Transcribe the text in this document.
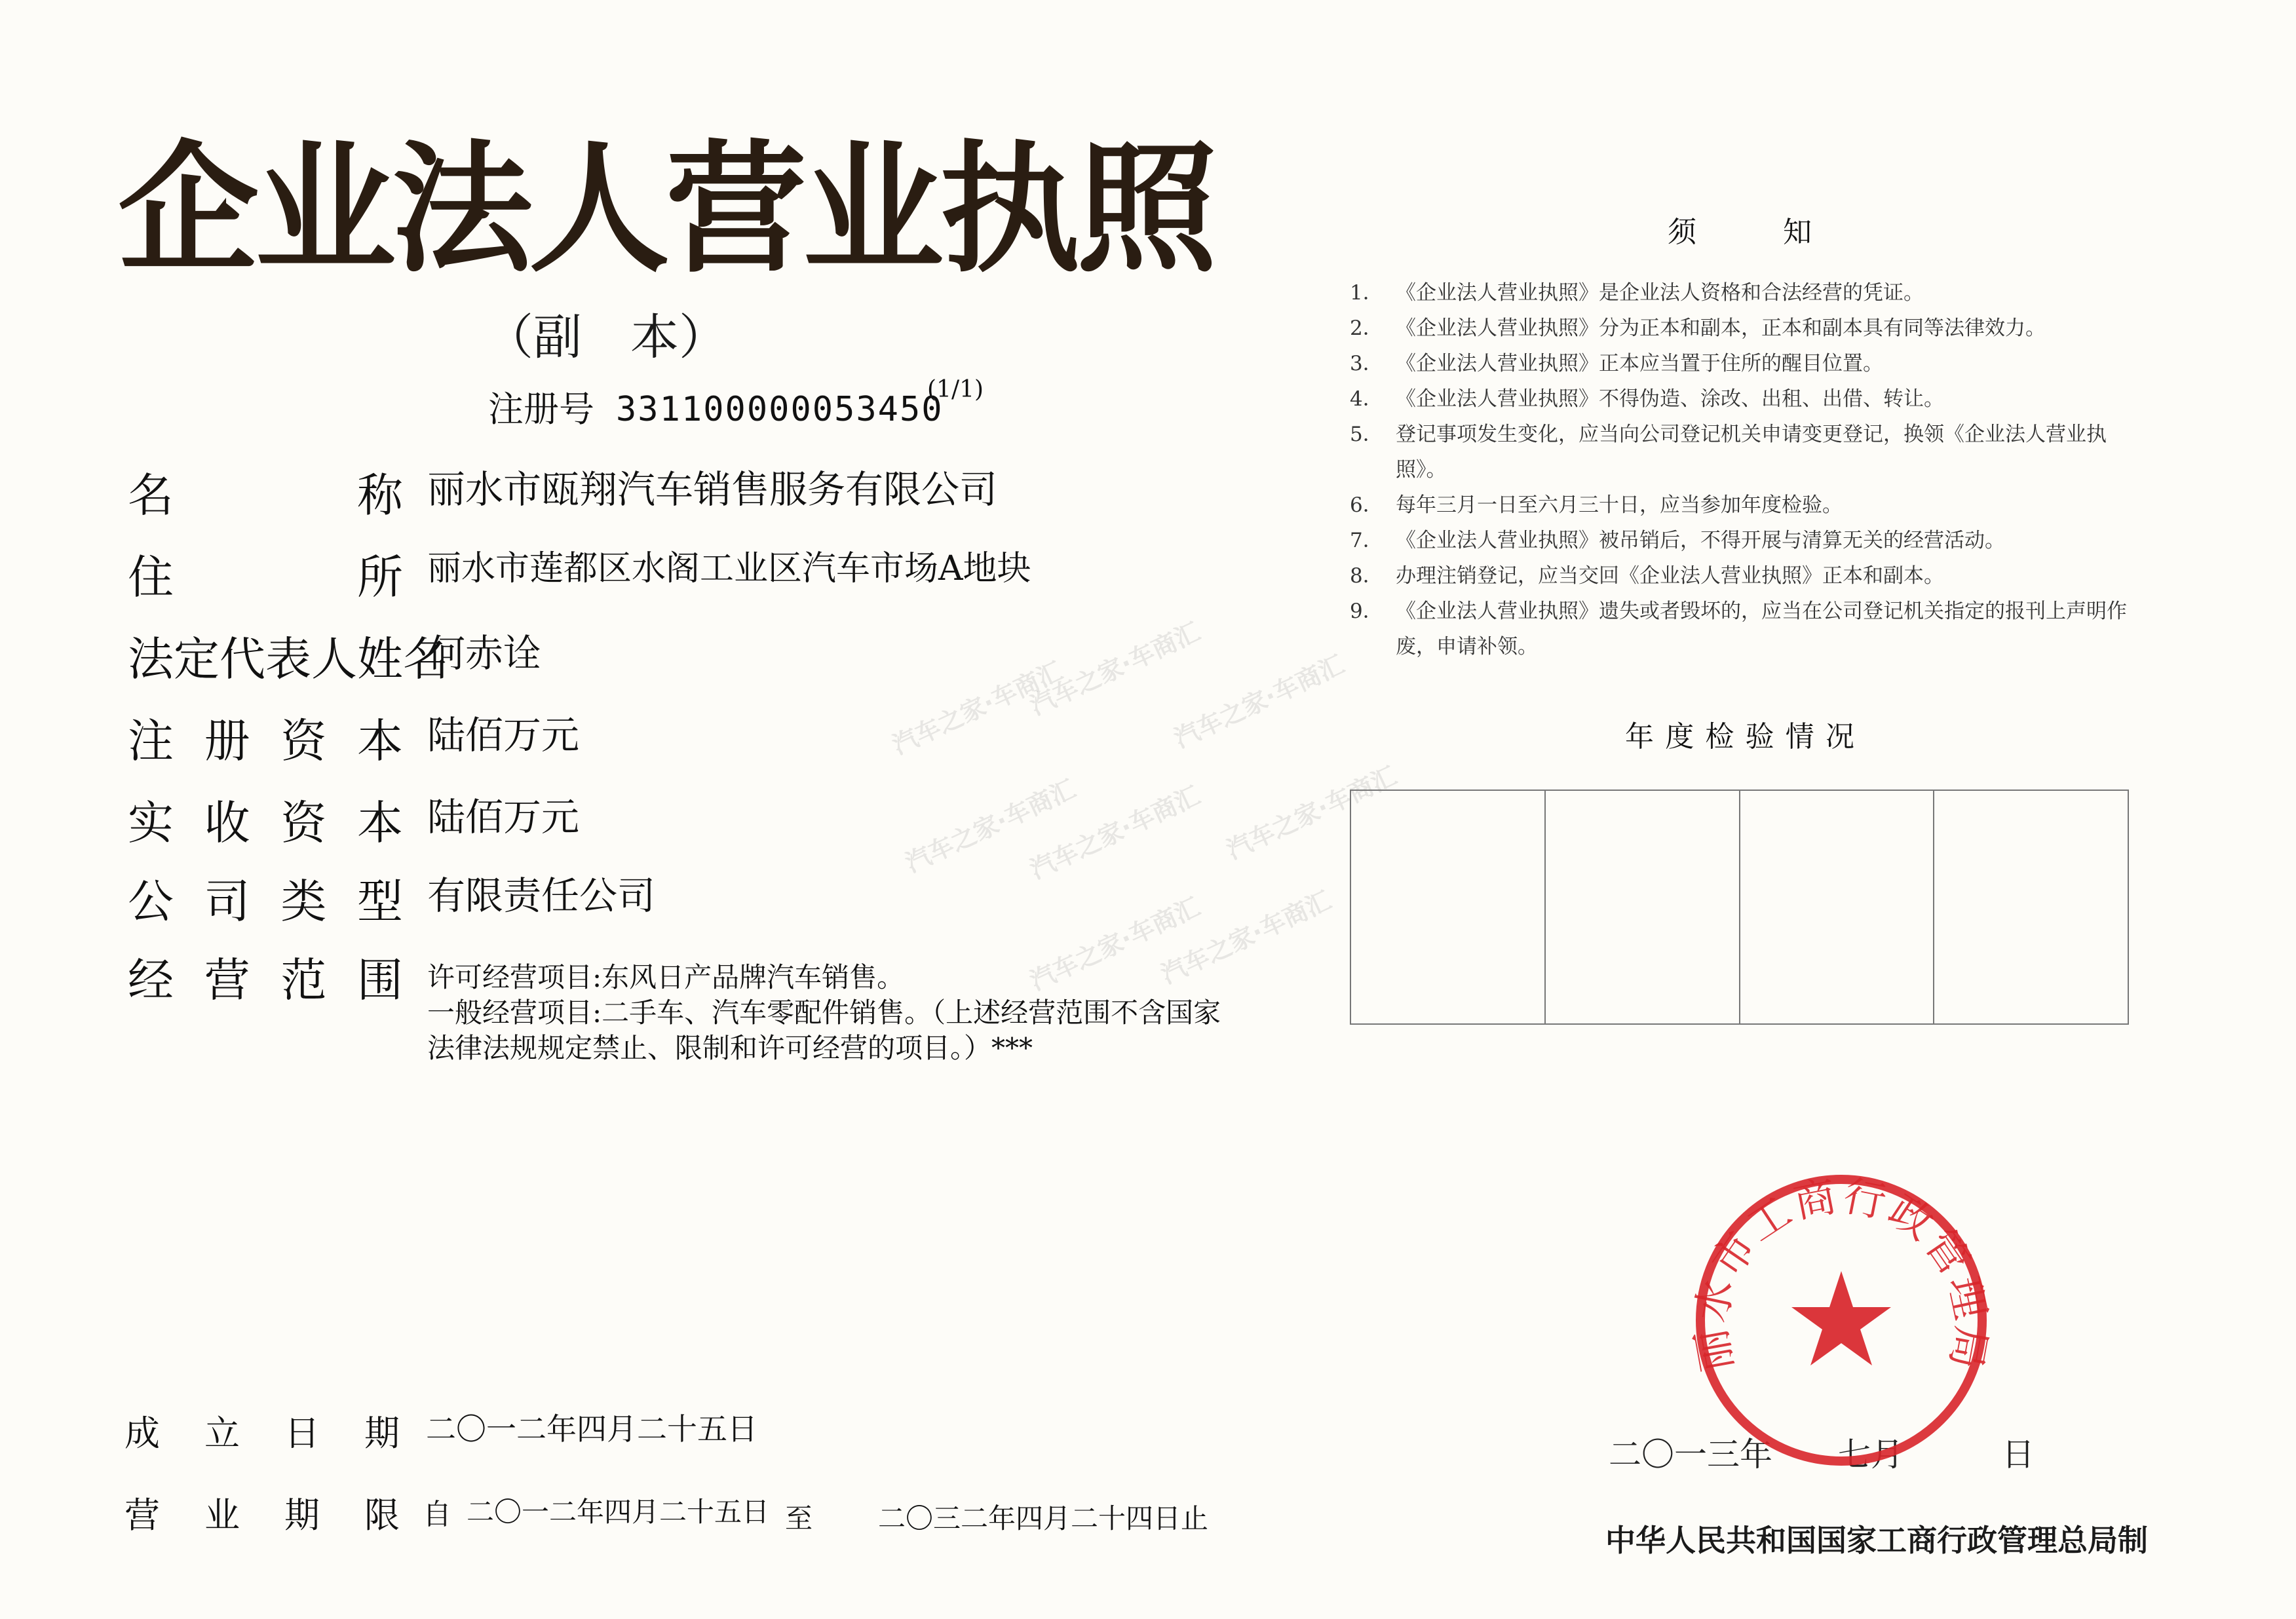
企业法人营业执照
（副　本）
注册号 331100000053450
(1/1)
汽车之家·车商汇
汽车之家·车商汇
汽车之家·车商汇
汽车之家·车商汇
汽车之家·车商汇 汽车之家·车商汇
汽车之家·车商汇
汽车之家·车商汇
名	称 丽水市瓯翔汽车销售服务有限公司
住	所 丽水市莲都区水阁工业区汽车市场A地块
法定代表人姓名
何赤诠
注 册 资 本 陆佰万元
实 收 资 本 陆佰万元
公 司 类 型 有限责任公司
经 营 范 围 许可经营项目:东风日产品牌汽车销售。
一般经营项目:二手车、汽车零配件销售。（上述经营范围不含国家
法律法规规定禁止、限制和许可经营的项目。）***
成 立 日 期 二〇一二年四月二十五日
营 业 期 限 自 二〇一二年四月二十五日 至 二〇三二年四月二十四日止
须	知
1． 《企业法人营业执照》是企业法人资格和合法经营的凭证。
2． 《企业法人营业执照》分为正本和副本，正本和副本具有同等法律效力。
3． 《企业法人营业执照》正本应当置于住所的醒目位置。
4． 《企业法人营业执照》不得伪造、涂改、出租、出借、转让。
5． 登记事项发生变化，应当向公司登记机关申请变更登记，换领《企业法人营业执照》。
6． 每年三月一日至六月三十日，应当参加年度检验。
7． 《企业法人营业执照》被吊销后，不得开展与清算无关的经营活动。
8． 办理注销登记，应当交回《企业法人营业执照》正本和副本。
9． 《企业法人营业执照》遗失或者毁坏的，应当在公司登记机关指定的报刊上声明作废，申请补领。
年 度 检 验 情 况
二〇一三年　　七月　　　日
丽水市工商行政管理局
中华人民共和国国家工商行政管理总局制
